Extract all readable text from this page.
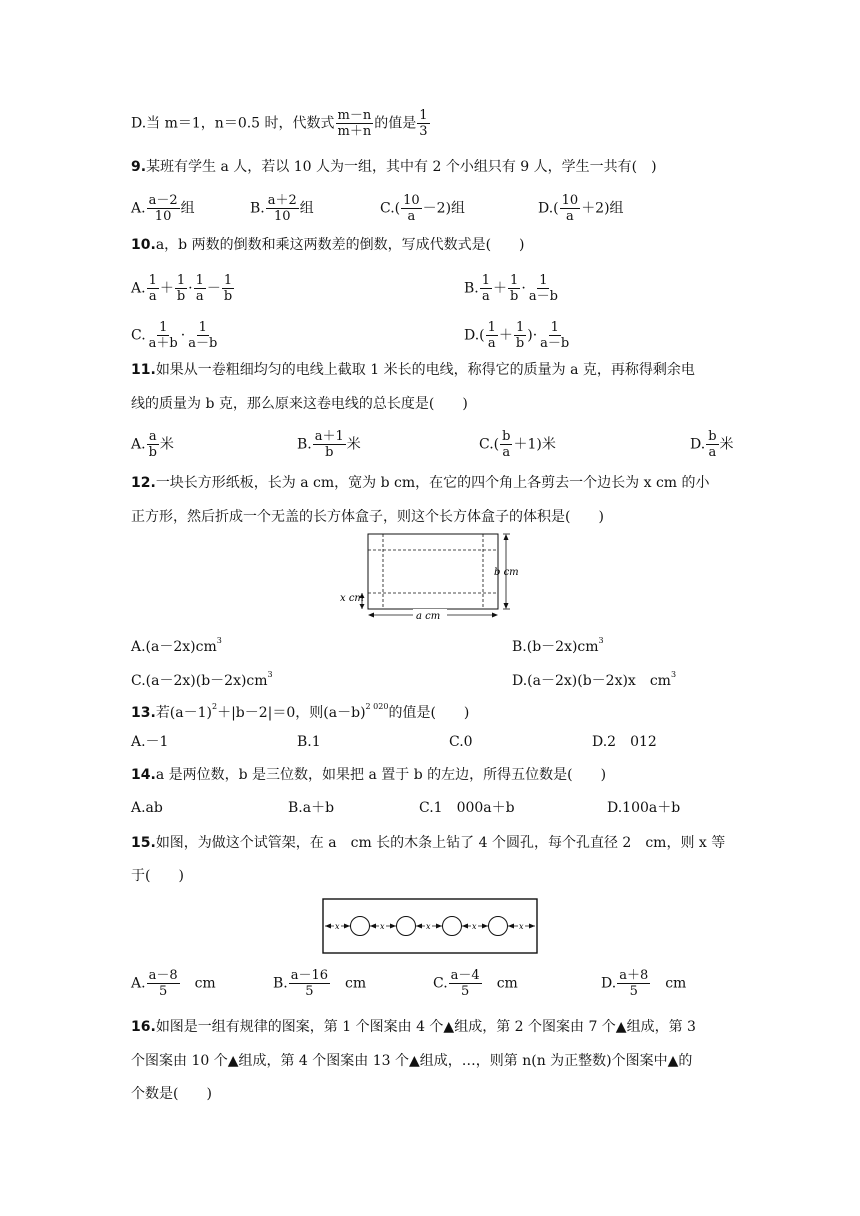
D.当 m＝1，n＝0.5 时，代数式 $\frac{m-n}{m+n}$ 的值是 $\frac{1}{3}$
9.某班有学生 a 人，若以 10 人为一组，其中有 2 个小组只有 9 人，学生一共有(　)
A. $\frac{a-2}{10}$ 组	B. $\frac{a+2}{10}$ 组	$C.( \frac{10}{a} -2)$组	$D.( \frac{10}{a} +2)$组
10.a，b 两数的倒数和乘这两数差的倒数，写成代数式是(　　)
A. $\frac{1}{a} + \frac{1}{b} \cdot \frac{1}{a} - \frac{1}{b}$	B. $\frac{1}{a} + \frac{1}{b} \cdot \frac{1}{a-b}$
C. $\frac{1}{a+b} \cdot \frac{1}{a-b}$	$D.( \frac{1}{a} + \frac{1}{b}$ )· $\frac{1}{a-b}$
11.如果从一卷粗细均匀的电线上截取 1 米长的电线，称得它的质量为 a 克，再称得剩余电
线的质量为 b 克，那么原来这卷电线的总长度是(　　)
A. $\frac{a}{b}$ 米	B. $\frac{a+1}{b}$ 米	$C.( \frac{b}{a} +1)$米	D. $\frac{b}{a}$ 米
12.一块长方形纸板，长为 a cm，宽为 b cm，在它的四个角上各剪去一个边长为 x cm 的小
正方形，然后折成一个无盖的长方体盒子，则这个长方体盒子的体积是(　　)
b cm
x cm
a cm
$A.(a-2x)cm^3$	$B.(b-2x)cm^3$
$C.(a-2x)(b-2x)cm^3$	D.(a－2x)(b－2x)x　$cm^3$
13.若$(a-1)^2+|b-2|=0$，则$(a-b)^{2 020}$的值是(　　)
A.－1	B.1	C.0	D.2　012
14.a 是两位数，b 是三位数，如果把 a 置于 b 的左边，所得五位数是(　　)
A.ab	B.a＋b	C.1　000a＋b	D.100a＋b
15.如图，为做这个试管架，在 a　cm 长的木条上钻了 4 个圆孔，每个孔直径 2　cm，则 x 等
于(　　)
x	x	x	x	x
A. $\frac{a-8}{5}$ 　cm	B. $\frac{a-16}{5}$ 　cm	C. $\frac{a-4}{5}$ 　cm	D. $\frac{a+8}{5}$ 　cm
16.如图是一组有规律的图案，第 1 个图案由 4 个▲组成，第 2 个图案由 7 个▲组成，第 3
个图案由 10 个▲组成，第 4 个图案由 13 个▲组成，…，则第 n(n 为正整数)个图案中▲的
个数是(　　)
